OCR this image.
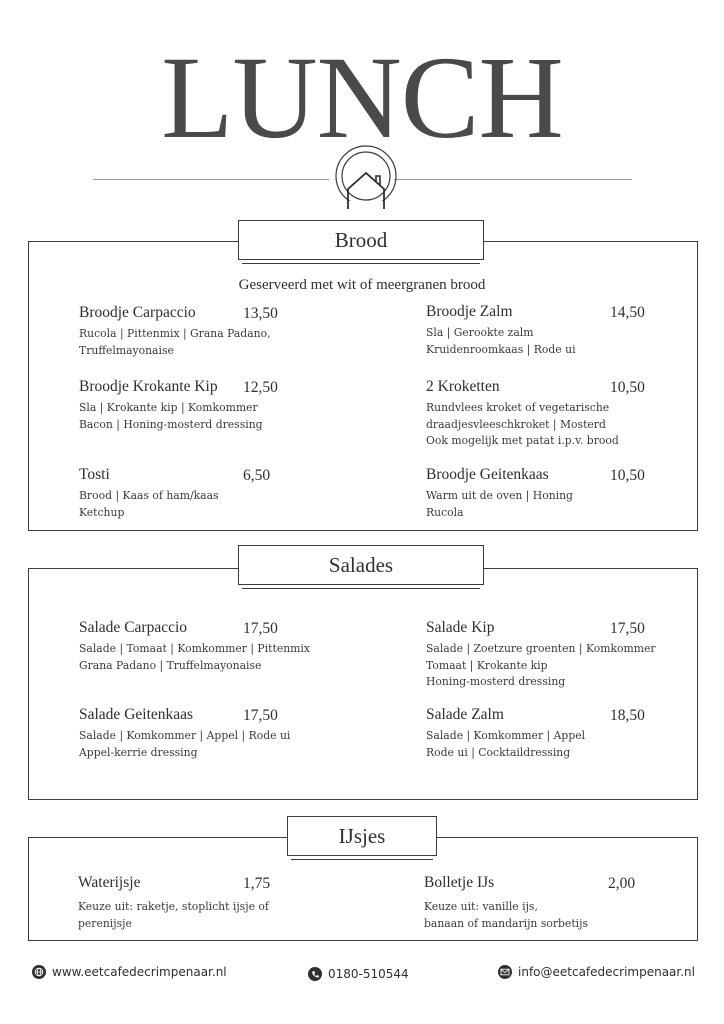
LUNCH
Brood
Geserveerd met wit of meergranen brood
Broodje Carpaccio	13,50
Rucola | Pittenmix | Grana Padano,
Truffelmayonaise
Broodje Zalm	14,50
Sla | Gerookte zalm
Kruidenroomkaas | Rode ui
Broodje Krokante Kip 12,50
Sla | Krokante kip | Komkommer
Bacon | Honing-mosterd dressing
2 Kroketten	10,50
Rundvlees kroket of vegetarische
draadjesvleeschkroket | Mosterd
Ook mogelijk met patat i.p.v. brood
Tosti	6,50
Brood | Kaas of ham/kaas
Ketchup
Broodje Geitenkaas	10,50
Warm uit de oven | Honing
Rucola
Salades
Salade Carpaccio	17,50
Salade | Tomaat | Komkommer | Pittenmix
Grana Padano | Truffelmayonaise
Salade Kip	17,50
Salade | Zoetzure groenten | Komkommer
Tomaat | Krokante kip
Honing-mosterd dressing
Salade Geitenkaas	17,50
Salade | Komkommer | Appel | Rode ui
Appel-kerrie dressing
Salade Zalm	18,50
Salade | Komkommer | Appel
Rode ui | Cocktaildressing
IJsjes
Waterijsje	1,75
Keuze uit: raketje, stoplicht ijsje of
perenijsje
Bolletje IJs	2,00
Keuze uit: vanille ijs,
banaan of mandarijn sorbetijs
www.eetcafedecrimpenaar.nl	0180-510544	info@eetcafedecrimpenaar.nl
